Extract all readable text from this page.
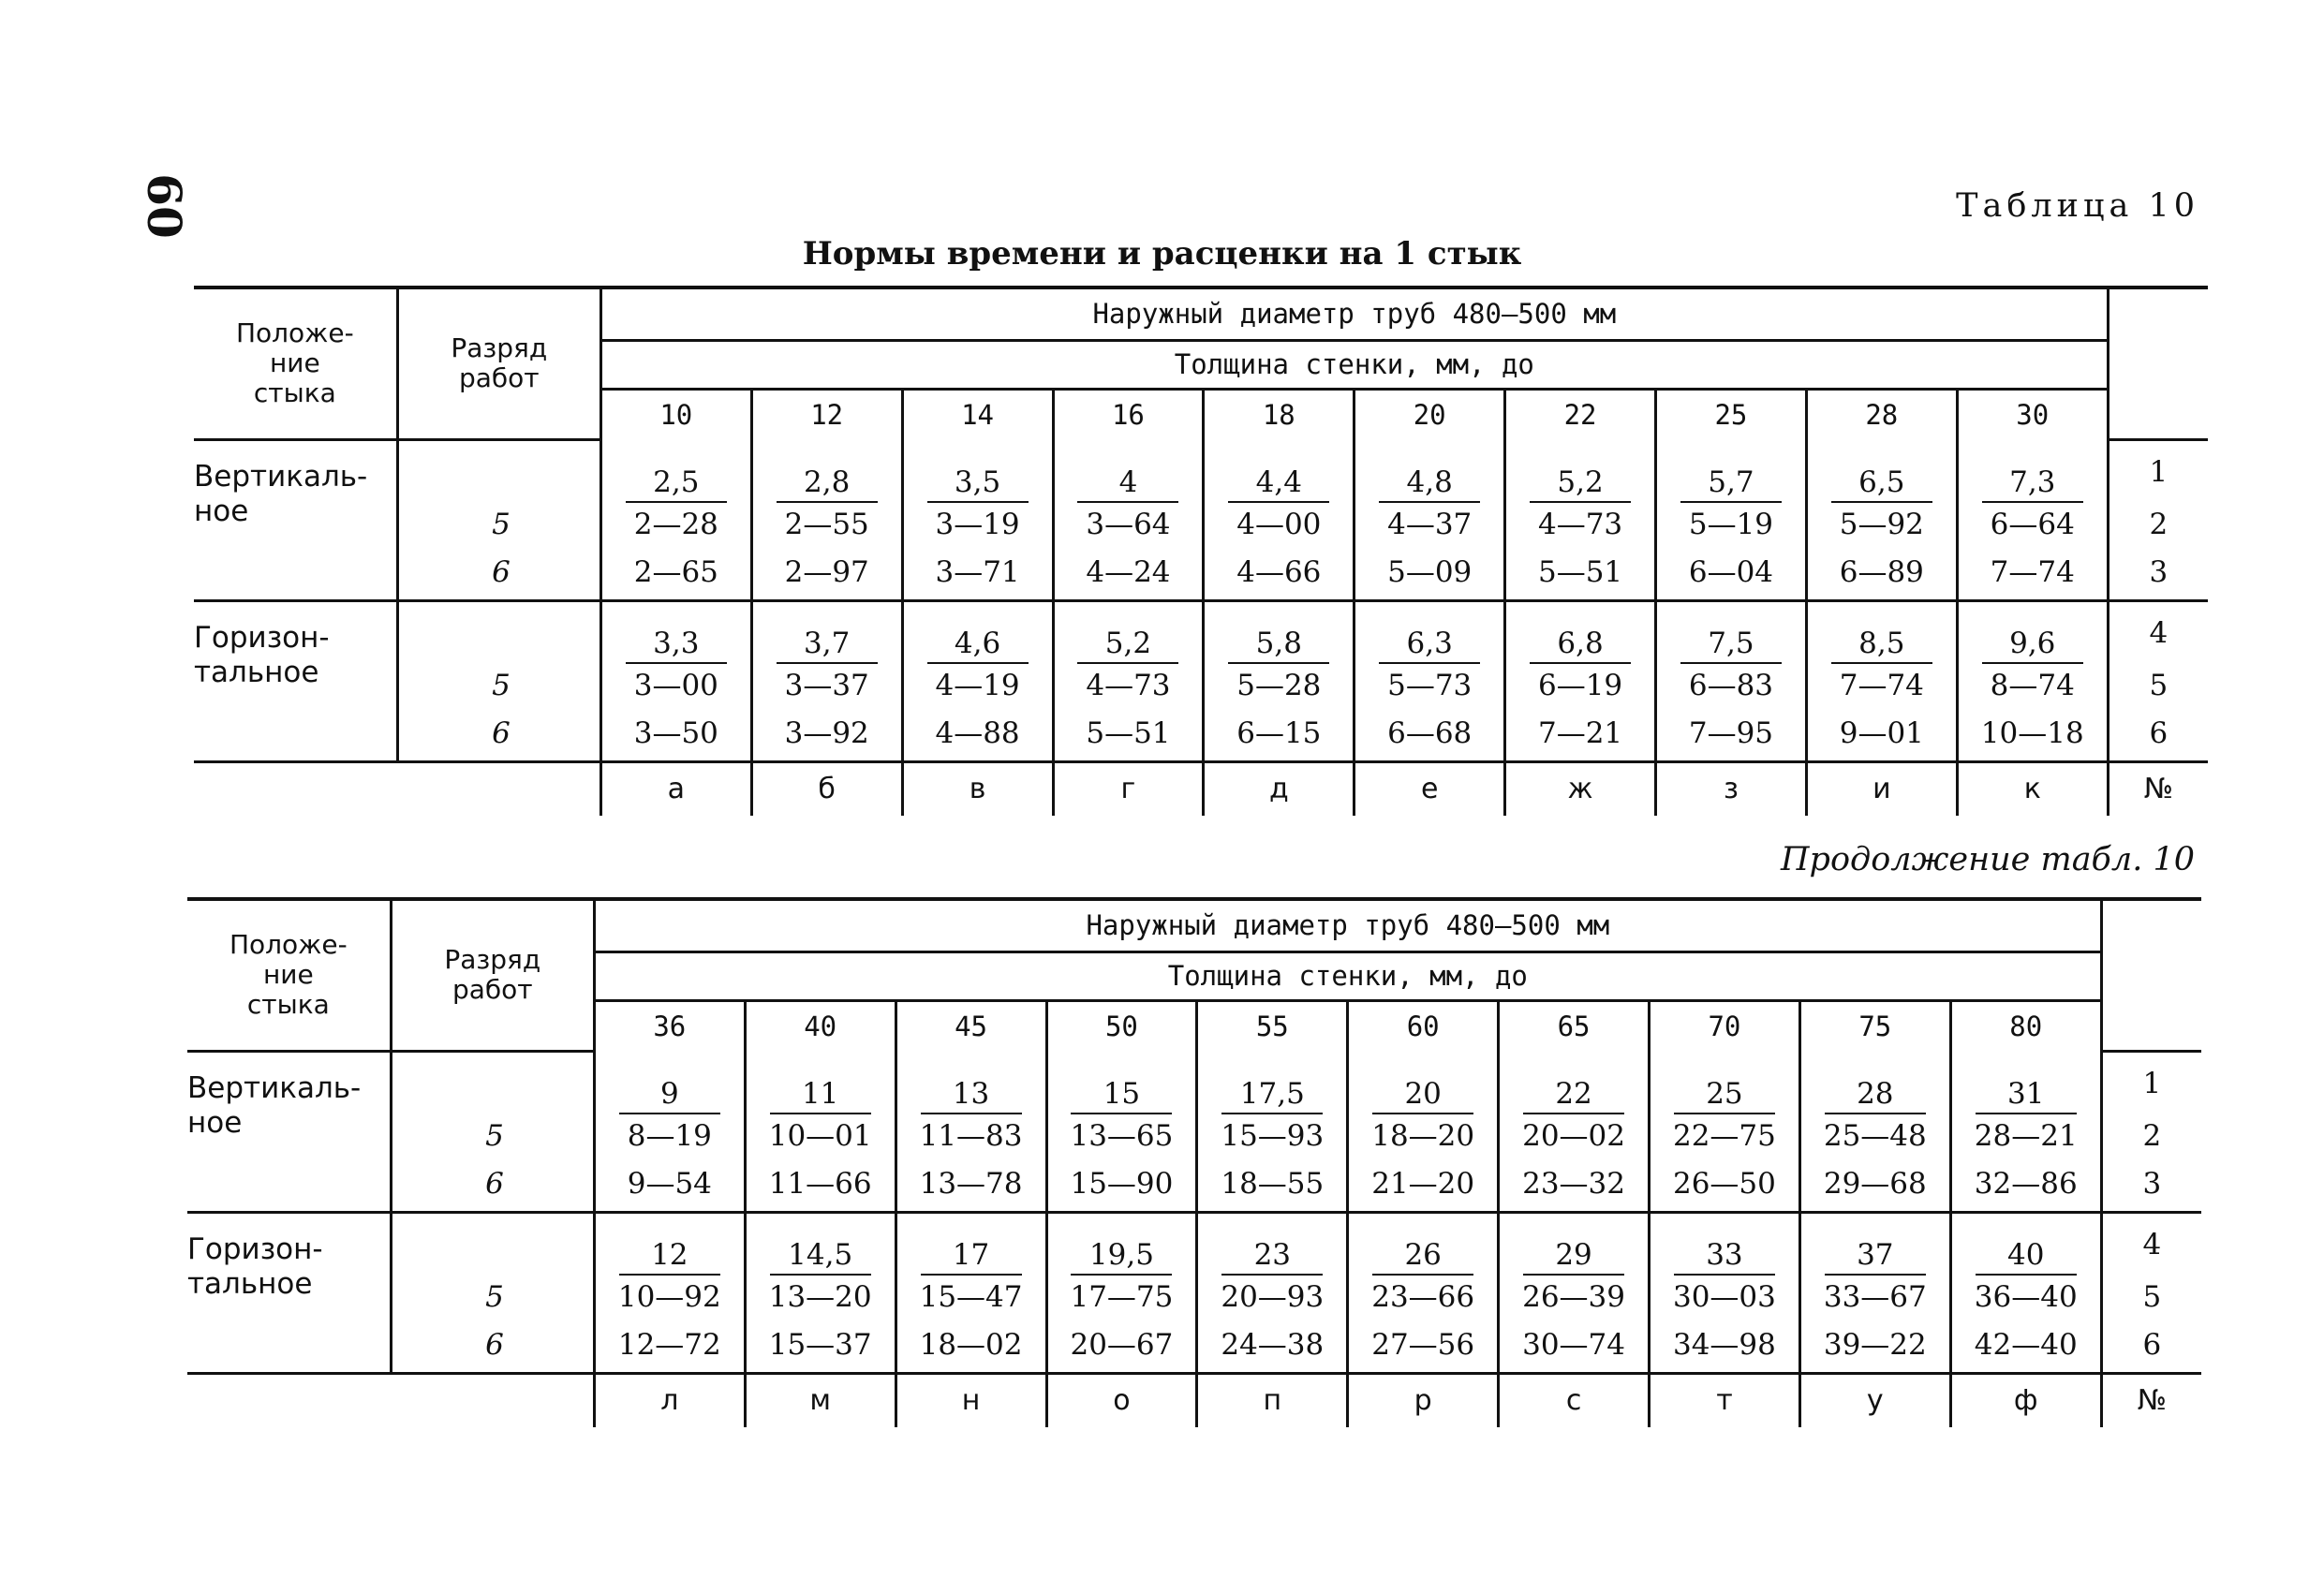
60	Таблица 10
Нормы времени и расценки на 1 стык
Продолжение табл. 10
Положе-
ние
стыка	Разряд
работ	Наружный диаметр труб 480—500 мм										
		Толщина стенки, мм, до										
		10	12	14	16	18	20	22	25	28	30	
Вертикаль-
ное		2,5	2,8	3,5	4	4,4	4,8	5,2	5,7	6,5	7,3	1
	5	2—28	2—55	3—19	3—64	4—00	4—37	4—73	5—19	5—92	6—64	2
	6	2—65	2—97	3—71	4—24	4—66	5—09	5—51	6—04	6—89	7—74	3
Горизон-
тальное		3,3	3,7	4,6	5,2	5,8	6,3	6,8	7,5	8,5	9,6	4
	5	3—00	3—37	4—19	4—73	5—28	5—73	6—19	6—83	7—74	8—74	5
	6	3—50	3—92	4—88	5—51	6—15	6—68	7—21	7—95	9—01	10—18	6
		а	б	в	г	д	е	ж	з	и	к	№
Положе-
ние
стыка	Разряд
работ	Наружный диаметр труб 480—500 мм										
		Толщина стенки, мм, до										
		36	40	45	50	55	60	65	70	75	80	
Вертикаль-
ное		9	11	13	15	17,5	20	22	25	28	31	1
	5	8—19	10—01	11—83	13—65	15—93	18—20	20—02	22—75	25—48	28—21	2
	6	9—54	11—66	13—78	15—90	18—55	21—20	23—32	26—50	29—68	32—86	3
Горизон-
тальное		12	14,5	17	19,5	23	26	29	33	37	40	4
	5	10—92	13—20	15—47	17—75	20—93	23—66	26—39	30—03	33—67	36—40	5
	6	12—72	15—37	18—02	20—67	24—38	27—56	30—74	34—98	39—22	42—40	6
		л	м	н	о	п	р	с	т	у	ф	№
